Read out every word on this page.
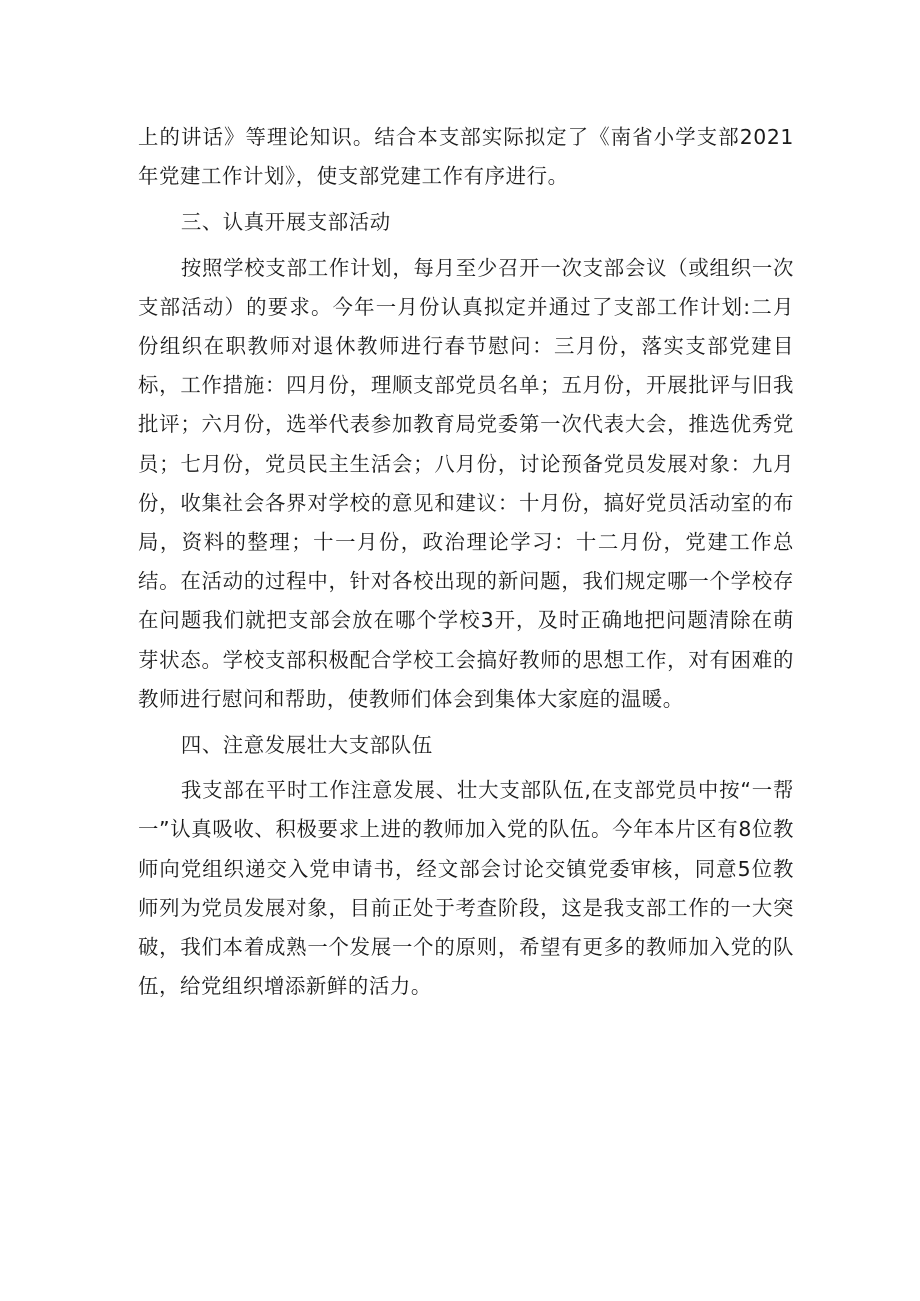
上的讲话》等理论知识。结合本支部实际拟定了《南省小学支部2021年党建工作计划》，使支部党建工作有序进行。

三、认真开展支部活动

按照学校支部工作计划，每月至少召开一次支部会议（或组织一次支部活动）的要求。今年一月份认真拟定并通过了支部工作计划:二月份组织在职教师对退休教师进行春节慰问：三月份，落实支部党建目标，工作措施：四月份，理顺支部党员名单；五月份，开展批评与旧我批评；六月份，选举代表参加教育局党委第一次代表大会，推选优秀党员；七月份，党员民主生活会；八月份，讨论预备党员发展对象：九月份，收集社会各界对学校的意见和建议：十月份，搞好党员活动室的布局，资料的整理；十一月份，政治理论学习：十二月份，党建工作总结。在活动的过程中，针对各校出现的新问题，我们规定哪一个学校存在问题我们就把支部会放在哪个学校3开，及时正确地把问题清除在萌芽状态。学校支部积极配合学校工会搞好教师的思想工作，对有困难的教师进行慰问和帮助，使教师们体会到集体大家庭的温暖。

四、注意发展壮大支部队伍

我支部在平时工作注意发展、壮大支部队伍,在支部党员中按“一帮一”认真吸收、积极要求上进的教师加入党的队伍。今年本片区有8位教师向党组织递交入党申请书，经文部会讨论交镇党委审核，同意5位教师列为党员发展对象，目前正处于考查阶段，这是我支部工作的一大突破，我们本着成熟一个发展一个的原则，希望有更多的教师加入党的队伍，给党组织增添新鲜的活力。
